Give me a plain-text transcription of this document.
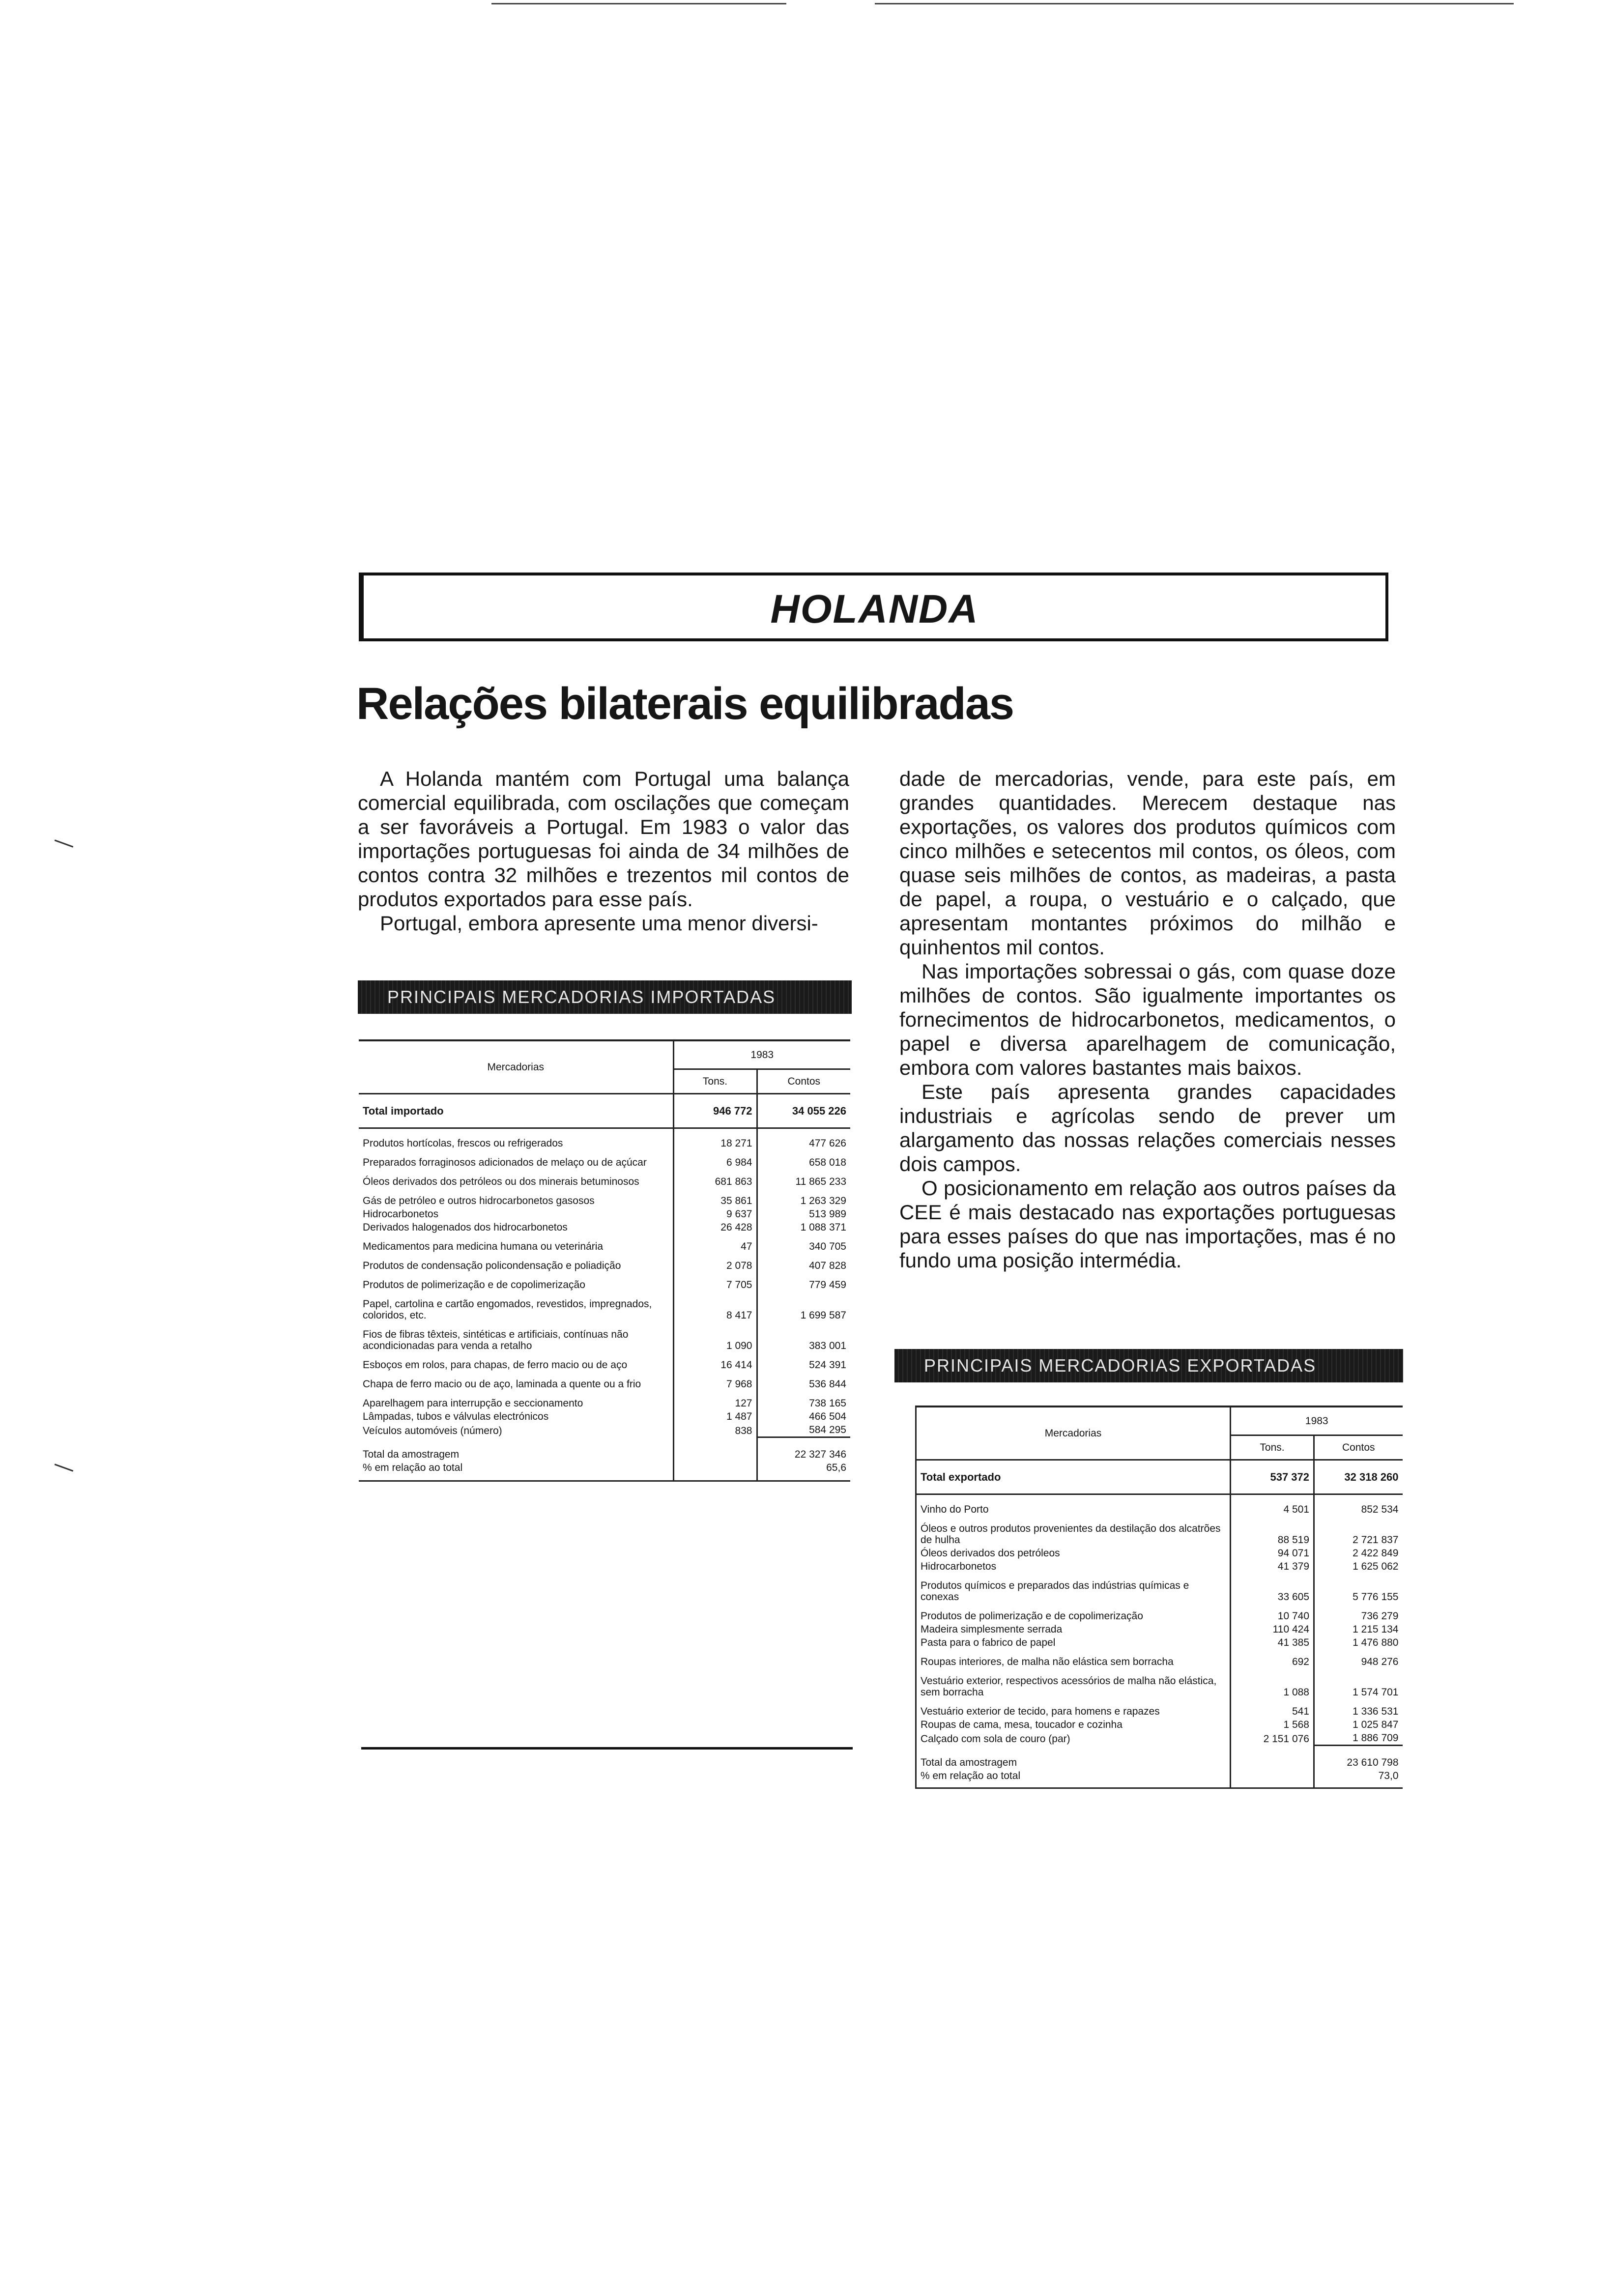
HOLANDA
Relações bilaterais equilibradas

A Holanda mantém com Portugal uma balança comercial equilibrada, com oscilações que começam a ser favoráveis a Portugal. Em 1983 o valor das importações portuguesas foi ainda de 34 milhões de contos contra 32 milhões e trezentos mil contos de produtos exportados para esse país.

Portugal, embora apresente uma menor diversi-

dade de mercadorias, vende, para este país, em grandes quantidades. Merecem destaque nas exportações, os valores dos produtos químicos com cinco milhões e setecentos mil contos, os óleos, com quase seis milhões de contos, as madeiras, a pasta de papel, a roupa, o vestuário e o calçado, que apresentam montantes próximos do milhão e quinhentos mil contos.

Nas importações sobressai o gás, com quase doze milhões de contos. São igualmente importantes os fornecimentos de hidrocarbonetos, medicamentos, o papel e diversa aparelhagem de comunicação, embora com valores bastantes mais baixos.

Este país apresenta grandes capacidades industriais e agrícolas sendo de prever um alargamento das nossas relações comerciais nesses dois campos.

O posicionamento em relação aos outros países da CEE é mais destacado nas exportações portuguesas para esses países do que nas importações, mas é no fundo uma posição intermédia.

PRINCIPAIS MERCADORIAS IMPORTADAS
Mercadorias	1983	
	Tons.	Contos
Total importado	946 772	34 055 226
Produtos hortícolas, frescos ou refrigerados	18 271	477 626
Preparados forraginosos adicionados de melaço ou de açúcar	6 984	658 018
Óleos derivados dos petróleos ou dos minerais betuminosos	681 863	11 865 233
Gás de petróleo e outros hidrocarbonetos gasosos	35 861	1 263 329
Hidrocarbonetos	9 637	513 989
Derivados halogenados dos hidrocarbonetos	26 428	1 088 371
Medicamentos para medicina humana ou veterinária	47	340 705
Produtos de condensação policondensação e poliadição	2 078	407 828
Produtos de polimerização e de copolimerização	7 705	779 459
Papel, cartolina e cartão engomados, revestidos, impregnados, coloridos, etc.	8 417	1 699 587
Fios de fibras têxteis, sintéticas e artificiais, contínuas não acondicionadas para venda a retalho	1 090	383 001
Esboços em rolos, para chapas, de ferro macio ou de aço	16 414	524 391
Chapa de ferro macio ou de aço, laminada a quente ou a frio	7 968	536 844
Aparelhagem para interrupção e seccionamento	127	738 165
Lâmpadas, tubos e válvulas electrónicos	1 487	466 504
Veículos automóveis (número)	838	584 295
Total da amostragem		22 327 346
% em relação ao total		65,6
PRINCIPAIS MERCADORIAS EXPORTADAS
Mercadorias	1983	
	Tons.	Contos
Total exportado	537 372	32 318 260
Vinho do Porto	4 501	852 534
Óleos e outros produtos provenientes da destilação dos alcatrões de hulha	88 519	2 721 837
Óleos derivados dos petróleos	94 071	2 422 849
Hidrocarbonetos	41 379	1 625 062
Produtos químicos e preparados das indústrias químicas e conexas	33 605	5 776 155
Produtos de polimerização e de copolimerização	10 740	736 279
Madeira simplesmente serrada	110 424	1 215 134
Pasta para o fabrico de papel	41 385	1 476 880
Roupas interiores, de malha não elástica sem borracha	692	948 276
Vestuário exterior, respectivos acessórios de malha não elástica, sem borracha	1 088	1 574 701
Vestuário exterior de tecido, para homens e rapazes	541	1 336 531
Roupas de cama, mesa, toucador e cozinha	1 568	1 025 847
Calçado com sola de couro (par)	2 151 076	1 886 709
Total da amostragem		23 610 798
% em relação ao total		73,0
